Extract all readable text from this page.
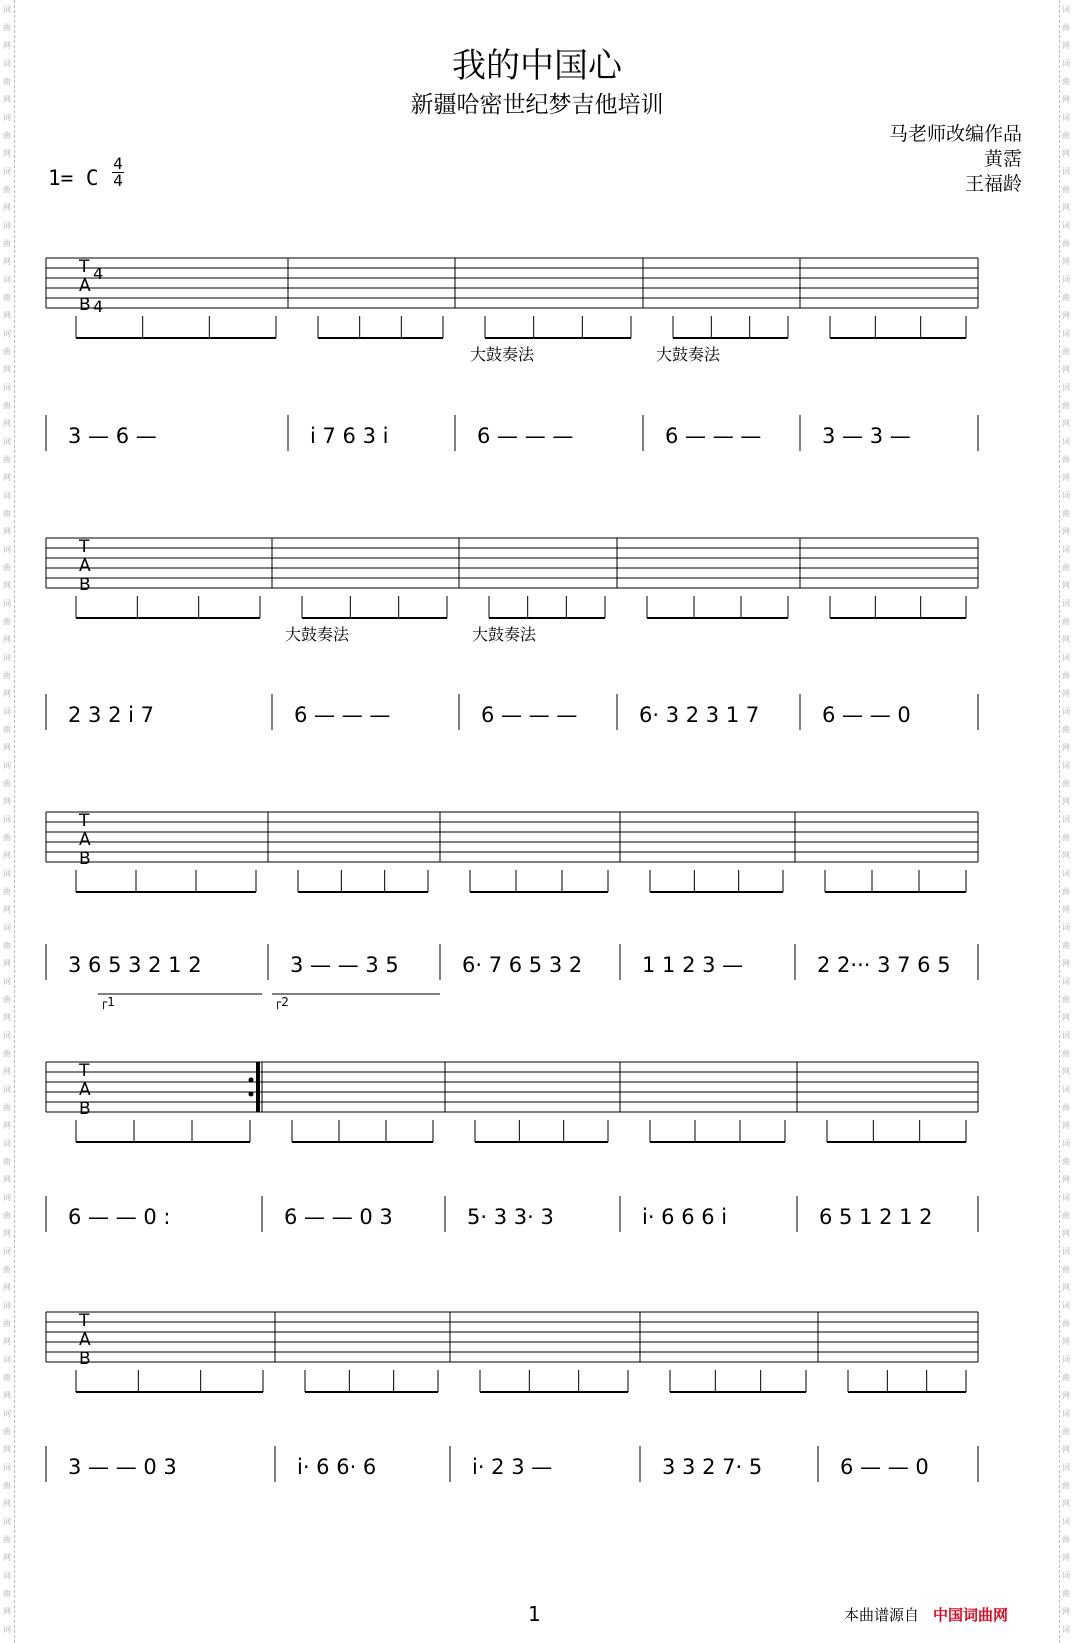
我的中国心
新疆哈密世纪梦吉他培训
马老师改编作品
黄霑
王福龄
1= C
4
4
T
A
B
4
4
大鼓奏法	大鼓奏法
3 — 6 —	i 7 6 3 i	6 — — —	6 — — —	3 — 3 —
T
A
B
大鼓奏法	大鼓奏法
2 3 2 i 7	6 — — —	6 — — —	6· 3 2 3 1 7	6 — — 0
T
A
B
3 6 5 3 2 1 2	3 — — 3 5	6· 7 6 5 3 2	1 1 2 3 —	2 2··· 3 7 6 5
┌1	┌2
T
A
B
6 — — 0 :	6 — — 0 3	5· 3 3· 3	i· 6 6 6 i	6 5 1 2 1 2
T
A
B
3 — — 0 3	i· 6 6· 6	i· 2 3 —	3 3 2 7· 5	6 — — 0
词	词
曲	曲
网	网
词	词
曲	曲
网	网
词	词
曲	曲
网	网
词	词
曲	曲
网	网
词	词
曲	曲
网	网
词	词
曲	曲
网	网
词	词
曲	曲
网	网
词	词
曲	曲
网	网
词	词
曲	曲
网	网
词	词
曲	曲
网	网
词	词
曲	曲
网	网
词	词
曲	曲
网	网
词	词
曲	曲
网	网
词	词
曲	曲
网	网
词	词
曲	曲
网	网
词	词
曲	曲
网	网
词	词
曲	曲
网	网
词	词
曲	曲
网	网
词	词
曲	曲
网	网
词	词
曲	曲
网	网
词	词
曲	曲
网	网
词	词
曲	曲
网	网
词	词
曲	曲
网	网
词	词
曲	曲
网	网
词	词
曲	曲
网	网
词	词
曲	曲
网	网
词	词
曲	曲
网	网
词	词
曲	曲
网	网
词	词
曲	曲
网	网
词	词
曲	曲
网	网
词	词
1	本曲谱源自 中国词曲网
